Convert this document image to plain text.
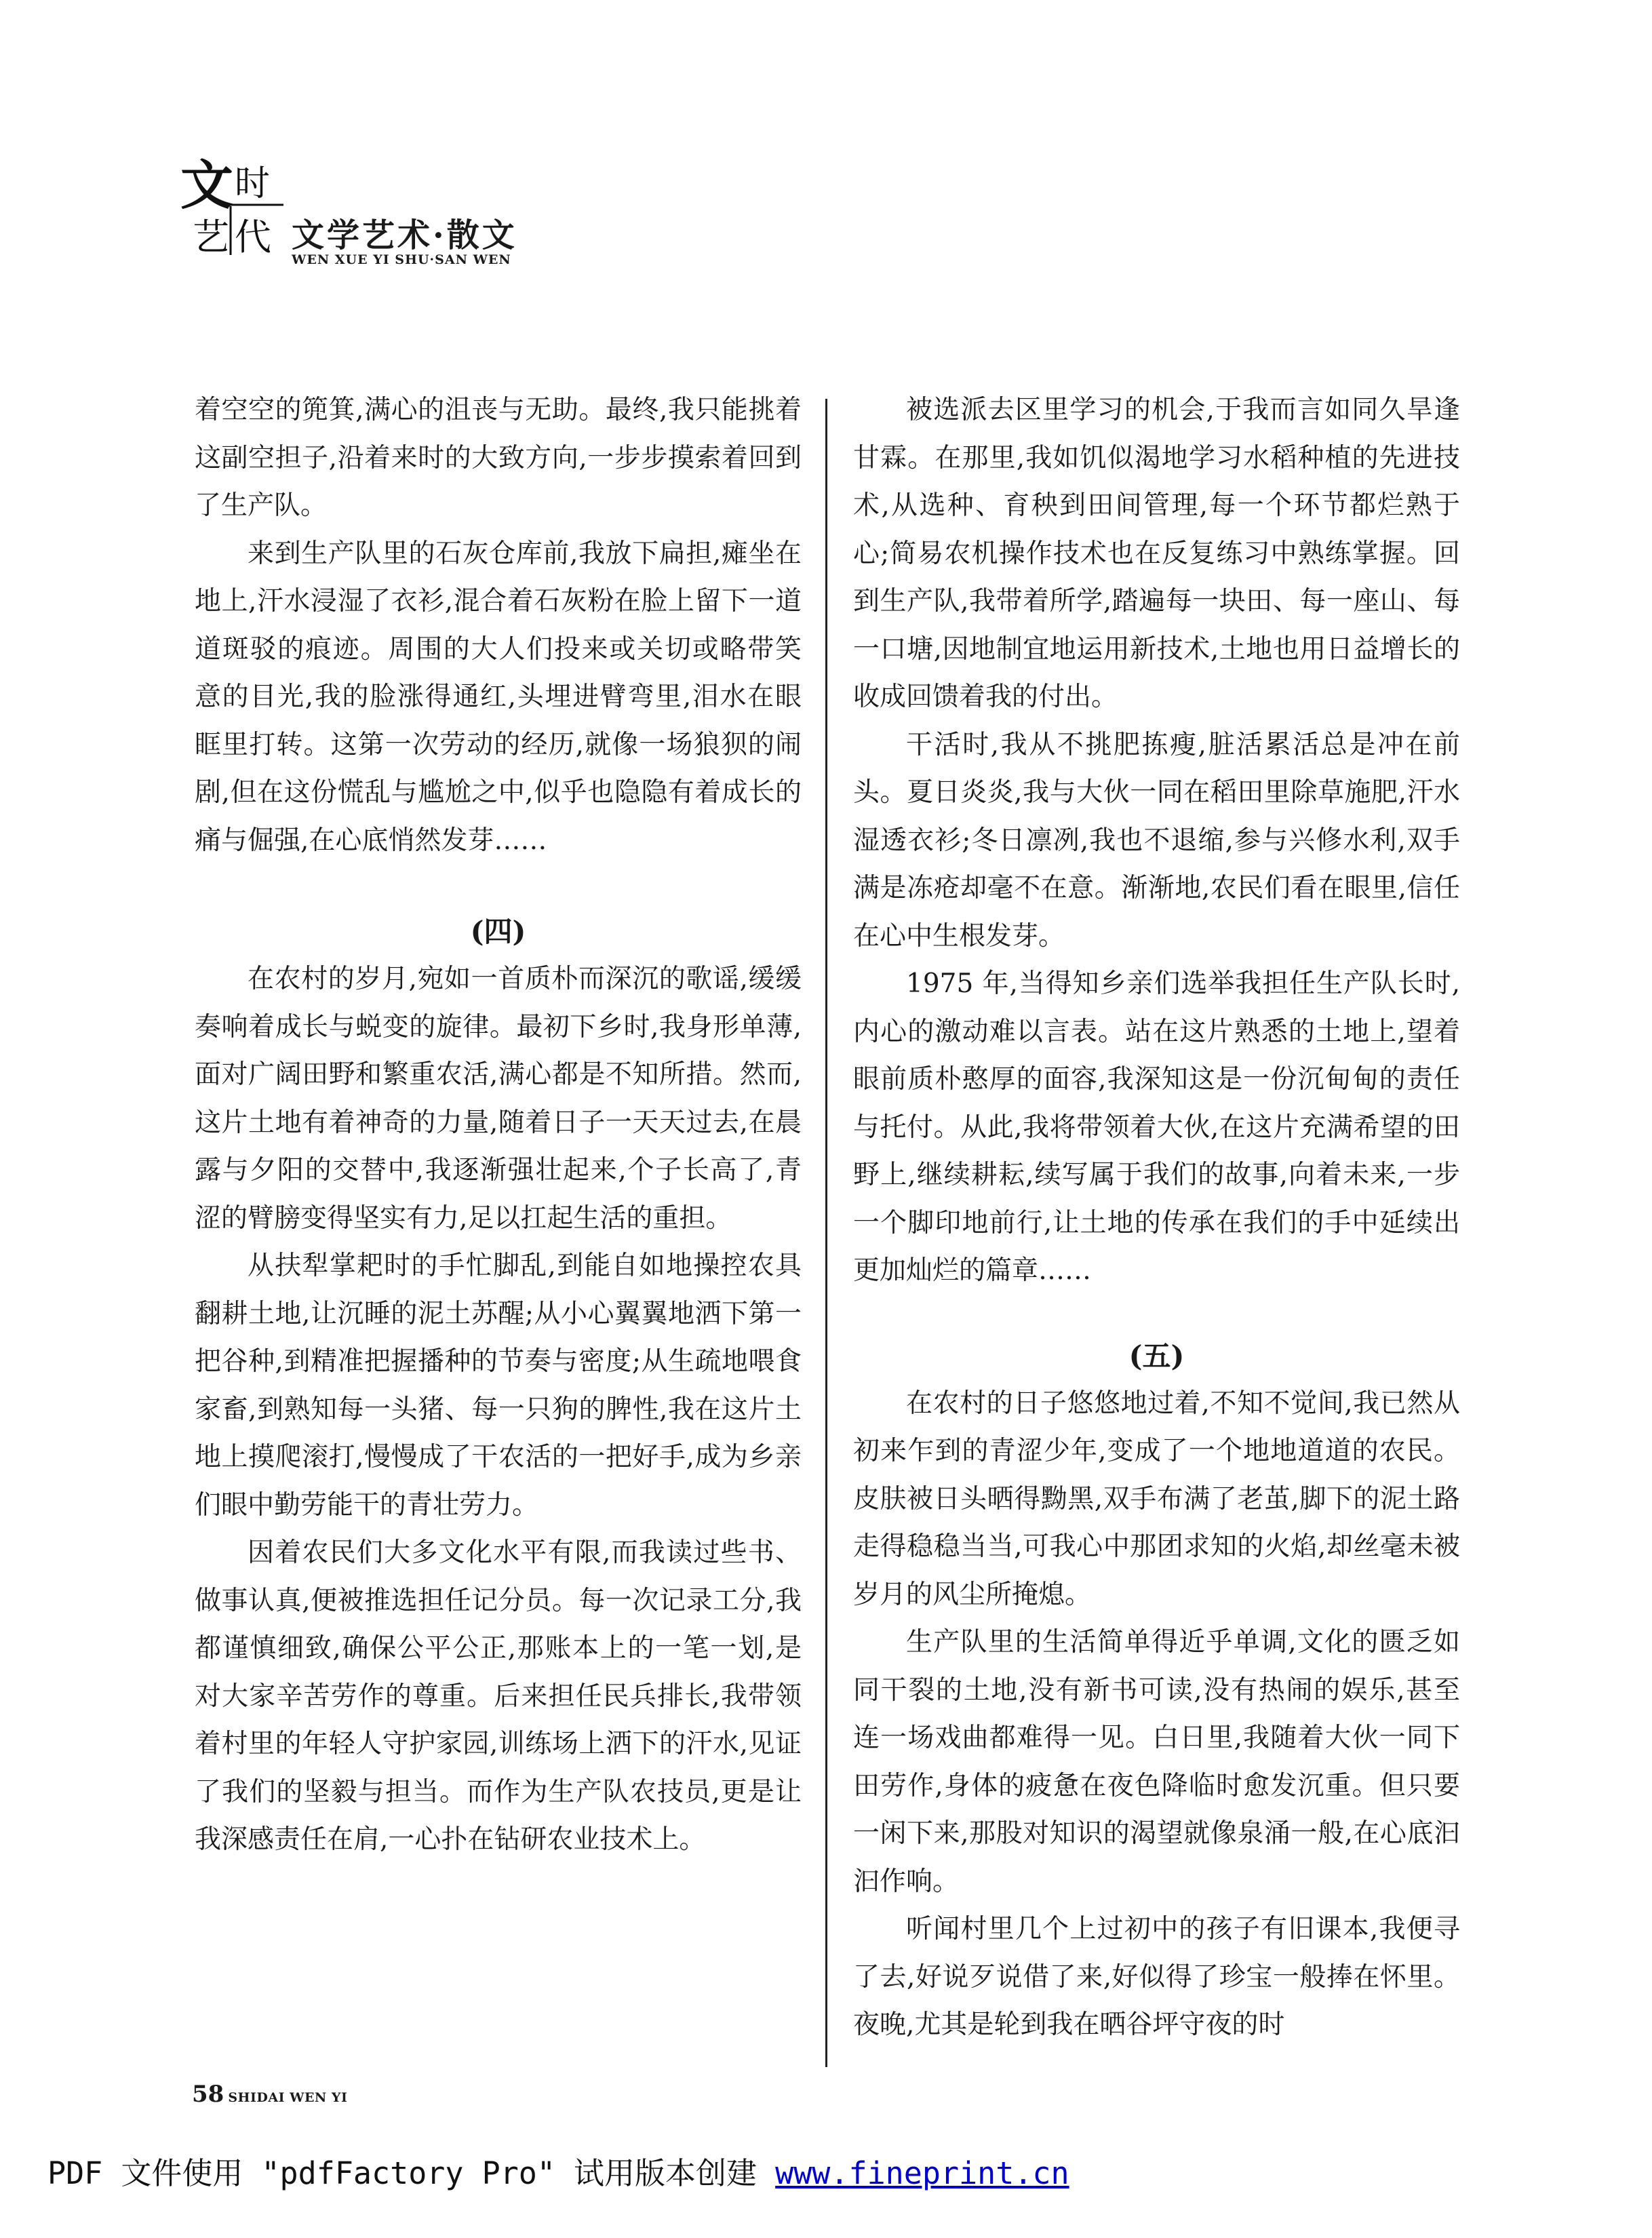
文 时
艺 代 文学艺术·散文
WEN XUE YI SHU·SAN WEN

着空空的篼箕,满心的沮丧与无助。最终,我只能挑着这副空担子,沿着来时的大致方向,一步步摸索着回到了生产队。

来到生产队里的石灰仓库前,我放下扁担,瘫坐在地上,汗水浸湿了衣衫,混合着石灰粉在脸上留下一道道斑驳的痕迹。周围的大人们投来或关切或略带笑意的目光,我的脸涨得通红,头埋进臂弯里,泪水在眼眶里打转。这第一次劳动的经历,就像一场狼狈的闹剧,但在这份慌乱与尴尬之中,似乎也隐隐有着成长的痛与倔强,在心底悄然发芽……

(四)

在农村的岁月,宛如一首质朴而深沉的歌谣,缓缓奏响着成长与蜕变的旋律。最初下乡时,我身形单薄,面对广阔田野和繁重农活,满心都是不知所措。然而,这片土地有着神奇的力量,随着日子一天天过去,在晨露与夕阳的交替中,我逐渐强壮起来,个子长高了,青涩的臂膀变得坚实有力,足以扛起生活的重担。

从扶犁掌耙时的手忙脚乱,到能自如地操控农具翻耕土地,让沉睡的泥土苏醒;从小心翼翼地洒下第一把谷种,到精准把握播种的节奏与密度;从生疏地喂食家畜,到熟知每一头猪、每一只狗的脾性,我在这片土地上摸爬滚打,慢慢成了干农活的一把好手,成为乡亲们眼中勤劳能干的青壮劳力。

因着农民们大多文化水平有限,而我读过些书、做事认真,便被推选担任记分员。每一次记录工分,我都谨慎细致,确保公平公正,那账本上的一笔一划,是对大家辛苦劳作的尊重。后来担任民兵排长,我带领着村里的年轻人守护家园,训练场上洒下的汗水,见证了我们的坚毅与担当。而作为生产队农技员,更是让我深感责任在肩,一心扑在钻研农业技术上。

被选派去区里学习的机会,于我而言如同久旱逢甘霖。在那里,我如饥似渴地学习水稻种植的先进技术,从选种、育秧到田间管理,每一个环节都烂熟于心;简易农机操作技术也在反复练习中熟练掌握。回到生产队,我带着所学,踏遍每一块田、每一座山、每一口塘,因地制宜地运用新技术,土地也用日益增长的收成回馈着我的付出。

干活时,我从不挑肥拣瘦,脏活累活总是冲在前头。夏日炎炎,我与大伙一同在稻田里除草施肥,汗水湿透衣衫;冬日凛冽,我也不退缩,参与兴修水利,双手满是冻疮却毫不在意。渐渐地,农民们看在眼里,信任在心中生根发芽。

1975 年,当得知乡亲们选举我担任生产队长时,内心的激动难以言表。站在这片熟悉的土地上,望着眼前质朴憨厚的面容,我深知这是一份沉甸甸的责任与托付。从此,我将带领着大伙,在这片充满希望的田野上,继续耕耘,续写属于我们的故事,向着未来,一步一个脚印地前行,让土地的传承在我们的手中延续出更加灿烂的篇章……

(五)

在农村的日子悠悠地过着,不知不觉间,我已然从初来乍到的青涩少年,变成了一个地地道道的农民。皮肤被日头晒得黝黑,双手布满了老茧,脚下的泥土路走得稳稳当当,可我心中那团求知的火焰,却丝毫未被岁月的风尘所掩熄。

生产队里的生活简单得近乎单调,文化的匮乏如同干裂的土地,没有新书可读,没有热闹的娱乐,甚至连一场戏曲都难得一见。白日里,我随着大伙一同下田劳作,身体的疲惫在夜色降临时愈发沉重。但只要一闲下来,那股对知识的渴望就像泉涌一般,在心底汩汩作响。

听闻村里几个上过初中的孩子有旧课本,我便寻了去,好说歹说借了来,好似得了珍宝一般捧在怀里。夜晚,尤其是轮到我在晒谷坪守夜的时

58 SHIDAI WEN YI
PDF 文件使用 "pdfFactory Pro" 试用版本创建 www.fineprint.cn
